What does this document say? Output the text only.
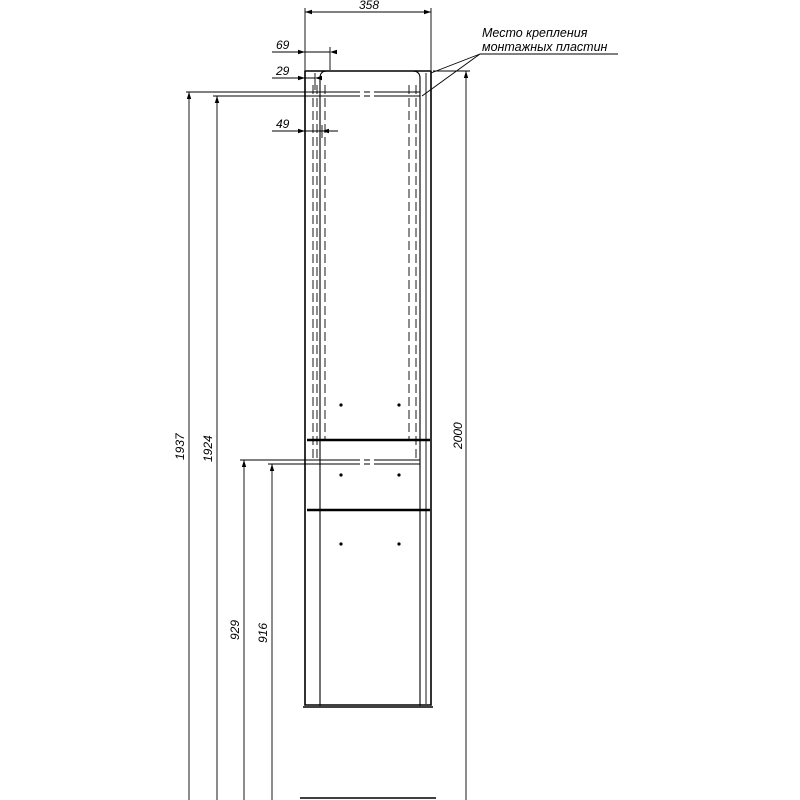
358
69
29
49
Место крепления
монтажных пластин
1937 1924
929 916
2000
